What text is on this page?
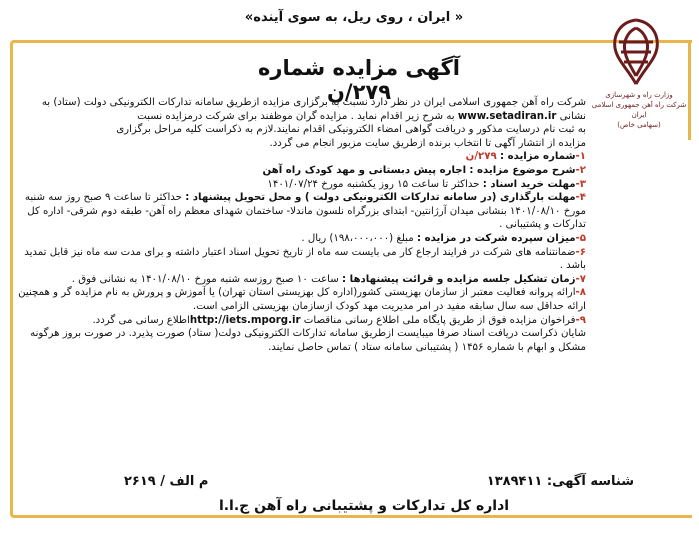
«ایران ، روی ریل، به سوی آینده »
وزارت راه و شهرسازی
شرکت راه آهن جمهوری اسلامی ایران
(سهامی خاص)
آگهی مزایده شماره ۲۷۹/ن

شرکت راه آهن جمهوری اسلامی ایران در نظر دارد نسبت به برگزاری مزایده ازطریق سامانه تدارکات الکترونیکی دولت (ستاد) به نشانی www.setadiran.ir به شرح زیر اقدام نماید . مزایده گران موظفند برای شرکت درمزایده نسبت

به ثبت نام درسایت مذکور و دریافت گواهی امضاء الکترونیکی اقدام نمایند.لازم به ذکراست کلیه مراحل برگزاری

مزایده از انتشار آگهی تا انتخاب برنده ازطریق سایت مزبور انجام می گردد.

۱-شماره مزایده : ۲۷۹/ن

۲-شرح موضوع مزایده : اجاره پیش دبستانی و مهد کودک راه آهن

۳-مهلت خرید اسناد : حداکثر تا ساعت ۱۵ روز یکشنبه مورخ ۱۴۰۱/۰۷/۲۴

۴-مهلت بارگذاری (در سامانه تدارکات الکترونیکی دولت ) و محل تحویل پیشنهاد : حداکثر تا ساعت ۹ صبح روز سه شنبه مورخ ۱۴۰۱/۰۸/۱۰ بنشانی میدان آرژانتین- ابتدای بزرگراه نلسون ماندلا- ساختمان شهدای معظم راه آهن- طبقه دوم شرقی- اداره کل تدارکات و پشتیبانی .

۵-میزان سپرده شرکت در مزایده : مبلغ (۱۹۸،۰۰۰،۰۰۰) ریال .

۶-ضمانتنامه های شرکت در فرایند ارجاع کار می بایست سه ماه از تاریخ تحویل اسناد اعتبار داشته و برای مدت سه ماه نیز قابل تمدید باشد .

۷-زمان تشکیل جلسه مزایده و قرائت پیشنهادها : ساعت ۱۰ صبح روزسه شنبه مورخ ۱۴۰۱/۰۸/۱۰ به نشانی فوق .

۸-ارائه پروانه فعالیت معتبر از سازمان بهزیستی کشور(اداره کل بهزیستی استان تهران) یا آموزش و پرورش به نام مزایده گر و همچنین ارائه حداقل سه سال سابقه مفید در امر مدیریت مهد کودک ازسازمان بهزیستی الزامی است.

۹-فراخوان مزایده فوق از طریق پایگاه ملی اطلاع رسانی مناقصات http://iets.mporg.irاطلاع رسانی می گردد.

شایان ذکراست دریافت اسناد صرفا میبایست ازطریق سامانه تدارکات الکترونیکی دولت( ستاد) صورت پذیرد. در صورت بروز هرگونه مشکل و ابهام با شماره ۱۴۵۶ ( پشتیبانی سامانه ستاد ) تماس حاصل نمایند.

شناسه آگهی: ۱۳۸۹۴۱۱
م الف / ۲۶۱۹
اداره کل تدارکات و پشتیبانی راه آهن ج.ا.ا
